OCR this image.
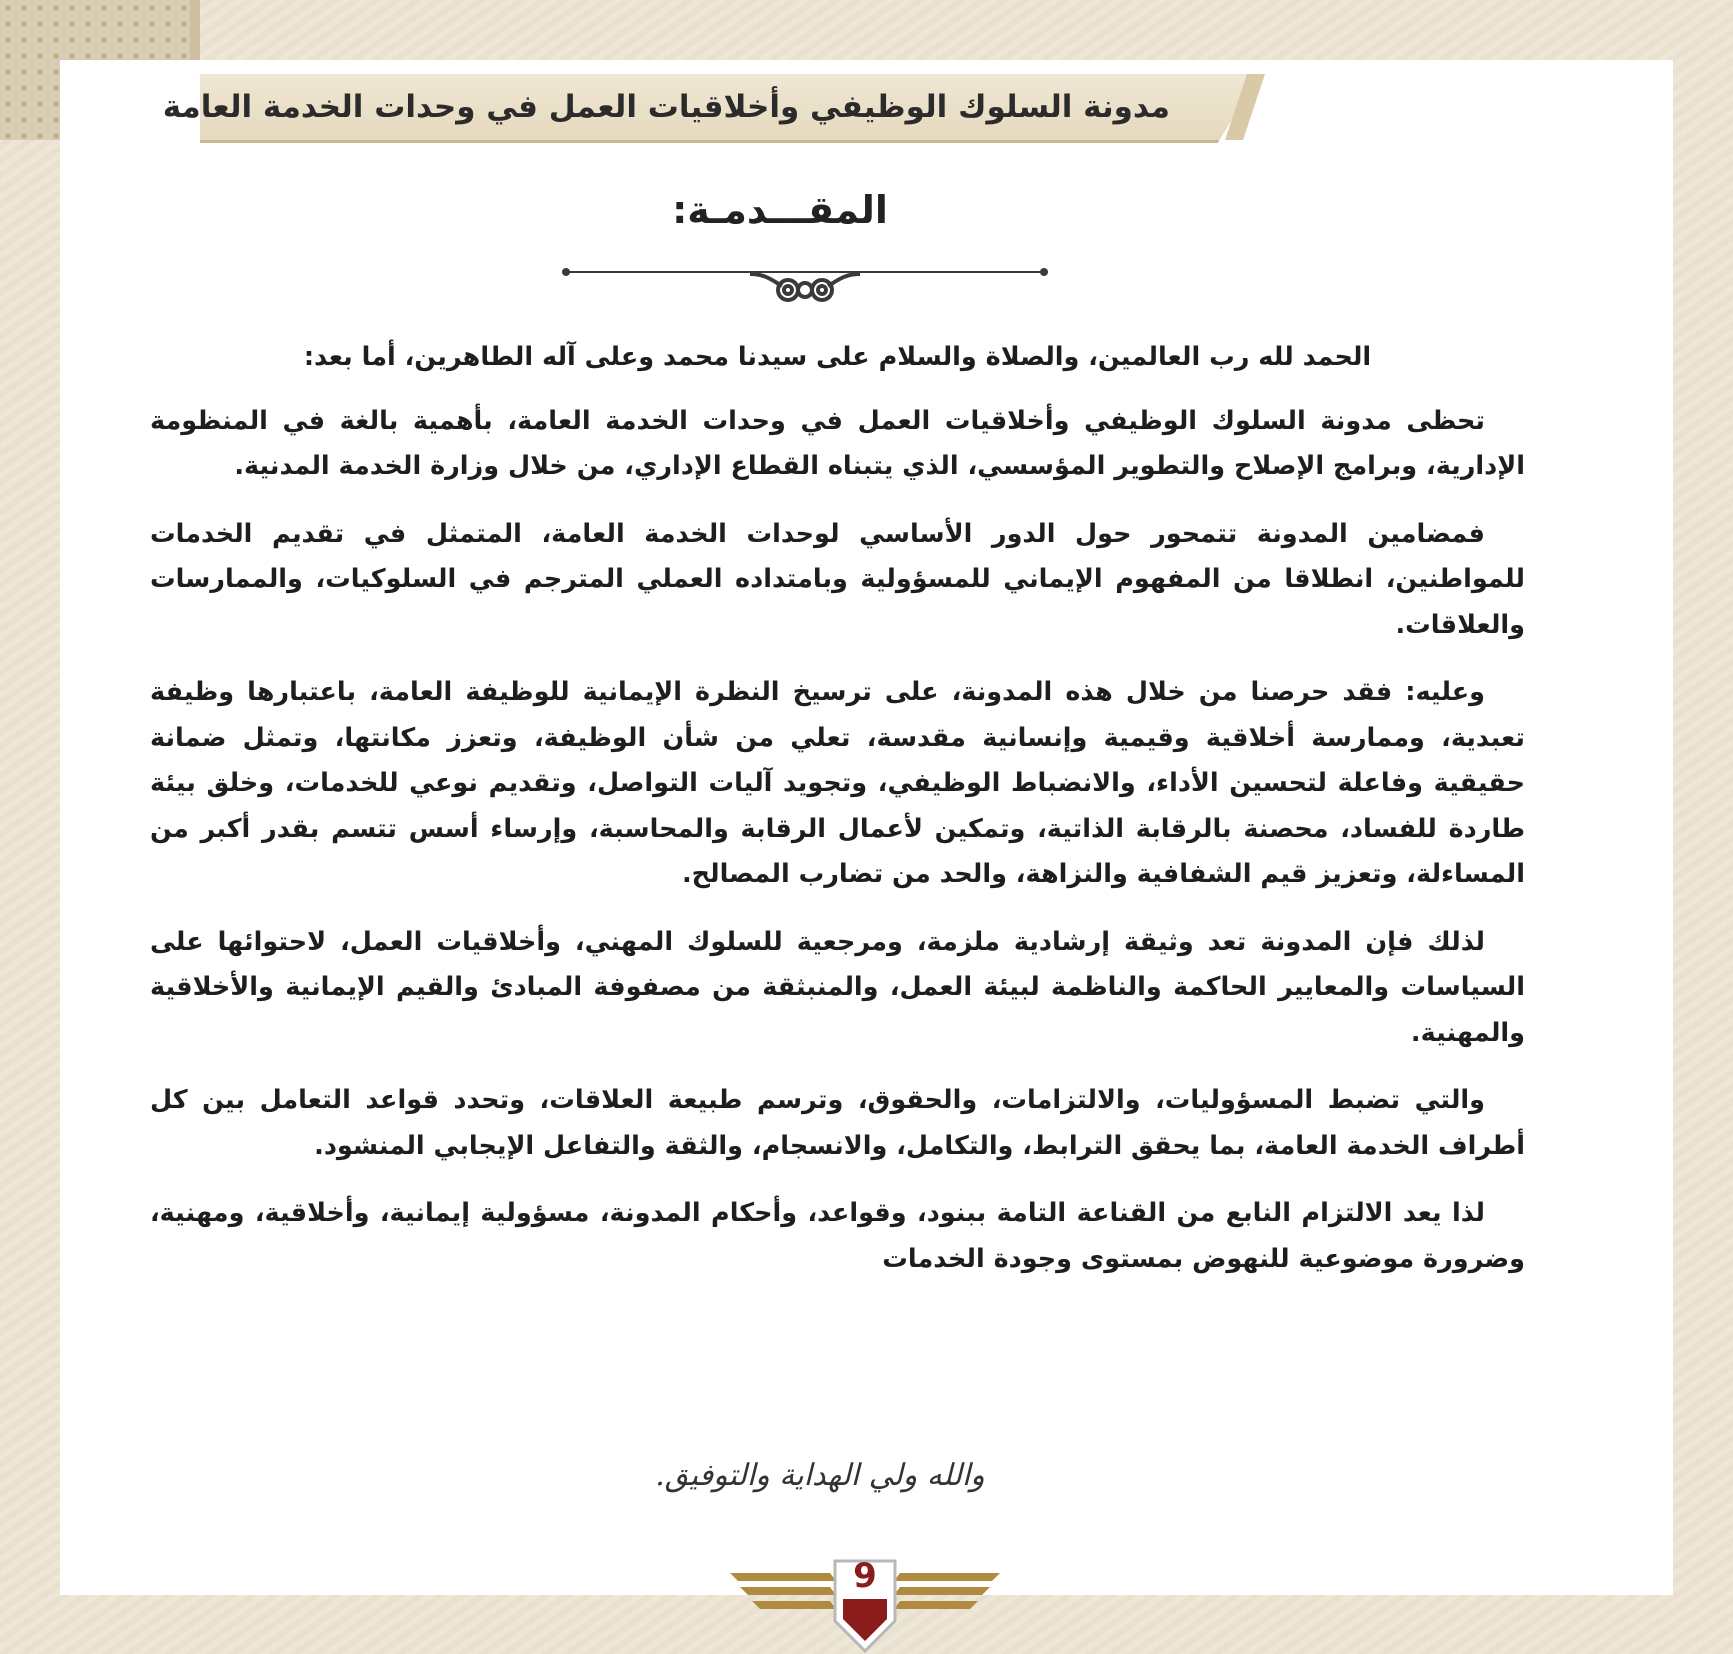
مدونة السلوك الوظيفي وأخلاقيات العمل في وحدات الخدمة العامة
المقـــدمـة:

الحمد لله رب العالمين، والصلاة والسلام على سيدنا محمد وعلى آله الطاهرين، أما بعد:

تحظى مدونة السلوك الوظيفي وأخلاقيات العمل في وحدات الخدمة العامة، بأهمية بالغة في المنظومة الإدارية، وبرامج الإصلاح والتطوير المؤسسي، الذي يتبناه القطاع الإداري، من خلال وزارة الخدمة المدنية.

فمضامين المدونة تتمحور حول الدور الأساسي لوحدات الخدمة العامة، المتمثل في تقديم الخدمات للمواطنين، انطلاقا من المفهوم الإيماني للمسؤولية وبامتداده العملي المترجم في السلوكيات، والممارسات والعلاقات.

وعليه: فقد حرصنا من خلال هذه المدونة، على ترسيخ النظرة الإيمانية للوظيفة العامة، باعتبارها وظيفة تعبدية، وممارسة أخلاقية وقيمية وإنسانية مقدسة، تعلي من شأن الوظيفة، وتعزز مكانتها، وتمثل ضمانة حقيقية وفاعلة لتحسين الأداء، والانضباط الوظيفي، وتجويد آليات التواصل، وتقديم نوعي للخدمات، وخلق بيئة طاردة للفساد، محصنة بالرقابة الذاتية، وتمكين لأعمال الرقابة والمحاسبة، وإرساء أسس تتسم بقدر أكبر من المساءلة، وتعزيز قيم الشفافية والنزاهة، والحد من تضارب المصالح.

لذلك فإن المدونة تعد وثيقة إرشادية ملزمة، ومرجعية للسلوك المهني، وأخلاقيات العمل، لاحتوائها على السياسات والمعايير الحاكمة والناظمة لبيئة العمل، والمنبثقة من مصفوفة المبادئ والقيم الإيمانية والأخلاقية والمهنية.

والتي تضبط المسؤوليات، والالتزامات، والحقوق، وترسم طبيعة العلاقات، وتحدد قواعد التعامل بين كل أطراف الخدمة العامة، بما يحقق الترابط، والتكامل، والانسجام، والثقة والتفاعل الإيجابي المنشود.

لذا يعد الالتزام النابع من القناعة التامة ببنود، وقواعد، وأحكام المدونة، مسؤولية إيمانية، وأخلاقية، ومهنية، وضرورة موضوعية للنهوض بمستوى وجودة الخدمات

والله ولي الهداية والتوفيق.
9
